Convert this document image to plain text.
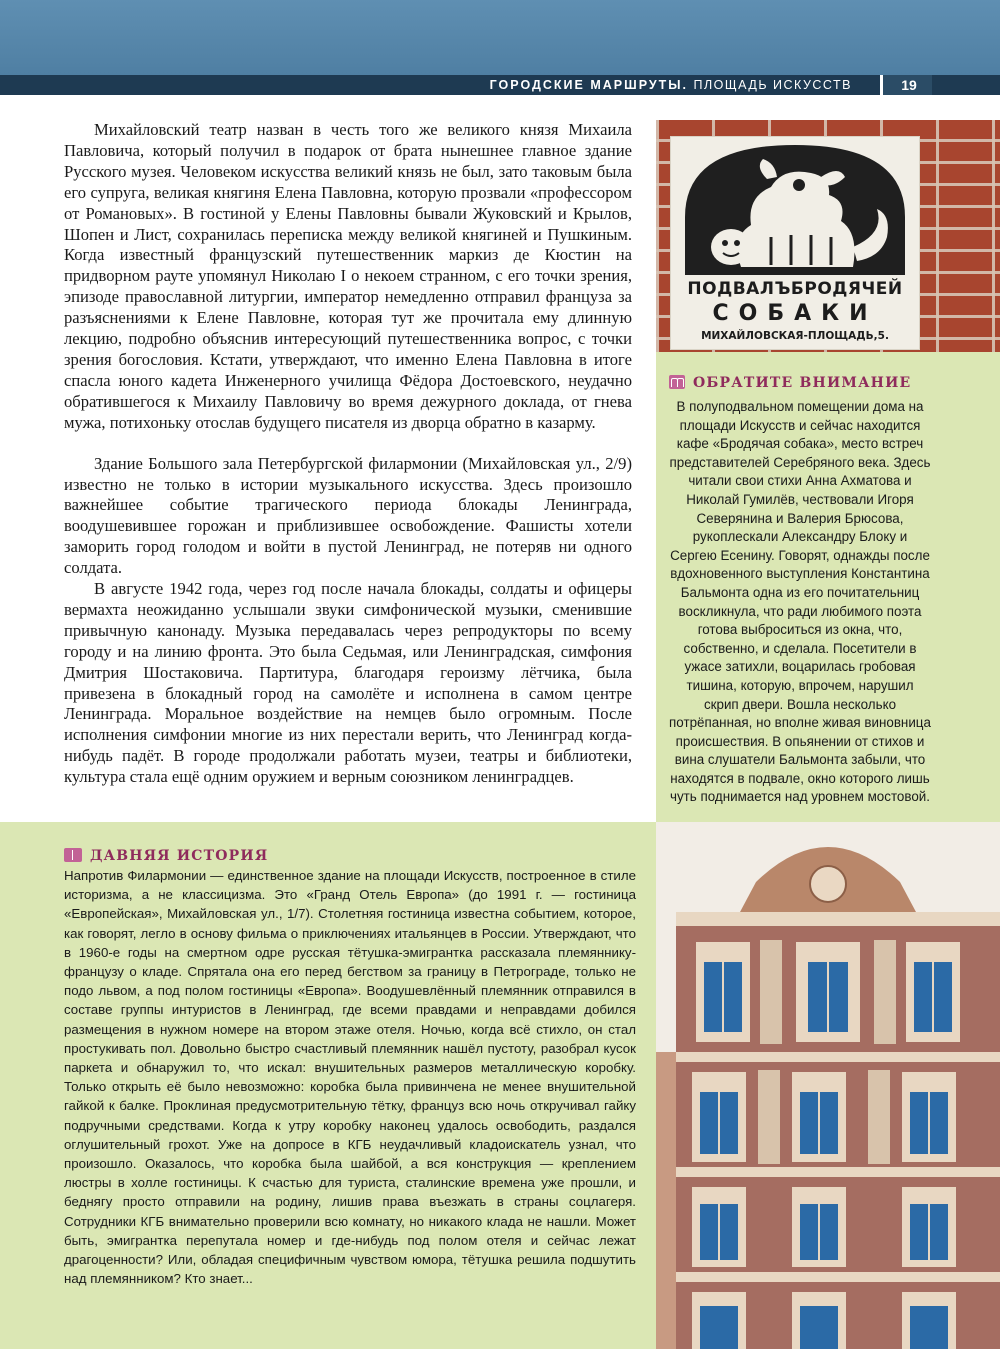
ГОРОДСКИЕ МАРШРУТЫ. ПЛОЩАДЬ ИСКУССТВ	19

Михайловский театр назван в честь того же великого князя Михаила Павловича, который получил в подарок от брата нынешнее главное здание Русского музея. Человеком искусства великий князь не был, зато таковым была его супруга, великая княгиня Елена Павловна, которую прозвали «профессором от Романовых». В гостиной у Елены Павловны бывали Жуковский и Крылов, Шопен и Лист, сохранилась переписка между великой княгиней и Пушкиным. Когда известный французский путешественник маркиз де Кюстин на придворном рауте упомянул Николаю I о некоем странном, с его точки зрения, эпизоде православной литургии, император немедленно отправил француза за разъяснениями к Елене Павловне, которая тут же прочитала ему длинную лекцию, подробно объяснив интересующий путешественника вопрос, с точки зрения богословия. Кстати, утверждают, что именно Елена Павловна в итоге спасла юного кадета Инженерного училища Фёдора Достоевского, неудачно обратившегося к Михаилу Павловичу во время дежурного доклада, от гнева мужа, потихоньку отослав будущего писателя из дворца обратно в казарму.

Здание Большого зала Петербургской филармонии (Михайловская ул., 2/9) известно не только в истории музыкального искусства. Здесь произошло важнейшее событие трагического периода блокады Ленинграда, воодушевившее горожан и приблизившее освобождение. Фашисты хотели заморить город голодом и войти в пустой Ленинград, не потеряв ни одного солдата.

В августе 1942 года, через год после начала блокады, солдаты и офицеры вермахта неожиданно услышали звуки симфонической музыки, сменившие привычную канонаду. Музыка передавалась через репродукторы по всему городу и на линию фронта. Это была Седьмая, или Ленинградская, симфония Дмитрия Шостаковича. Партитура, благодаря героизму лётчика, была привезена в блокадный город на самолёте и исполнена в самом центре Ленинграда. Моральное воздействие на немцев было огромным. После исполнения симфонии многие из них перестали верить, что Ленинград когда-нибудь падёт. В городе продолжали работать музеи, театры и библиотеки, культура стала ещё одним оружием и верным союзником ленинградцев.

ПОДВАЛЪБРОДЯЧЕЙ
СОБАКИ
МИХАЙЛОВСКАЯ-ПЛОЩАДЬ,5.
ОБРАТИТЕ ВНИМАНИЕ
В полуподвальном помещении дома на площади Искусств и сейчас находится кафе «Бродячая собака», место встреч представителей Серебряного века. Здесь читали свои стихи Анна Ахматова и Николай Гумилёв, чествовали Игоря Северянина и Валерия Брюсова, рукоплескали Александру Блоку и Сергею Есенину. Говорят, однажды после вдохновенного выступления Константина Бальмонта одна из его почитательниц воскликнула, что ради любимого поэта готова выброситься из окна, что, собственно, и сделала. Посетители в ужасе затихли, воцарилась гробовая тишина, которую, впрочем, нарушил скрип двери. Вошла несколько потрёпанная, но вполне живая виновница происшествия. В опьянении от стихов и вина слушатели Бальмонта забыли, что находятся в подвале, окно которого лишь чуть поднимается над уровнем мостовой.
ДАВНЯЯ ИСТОРИЯ

Напротив Филармонии — единственное здание на площади Искусств, построенное в стиле историзма, а не классицизма. Это «Гранд Отель Европа» (до 1991 г. — гостиница «Европейская», Михайловская ул., 1/7). Столетняя гостиница известна событием, которое, как говорят, легло в основу фильма о приключениях итальянцев в России. Утверждают, что в 1960-е годы на смертном одре русская тётушка-эмигрантка рассказала племяннику-французу о кладе. Спрятала она его перед бегством за границу в Петрограде, только не подо львом, а под полом гостиницы «Европа». Воодушевлённый племянник отправился в составе группы интуристов в Ленинград, где всеми правдами и неправдами добился размещения в нужном номере на втором этаже отеля. Ночью, когда всё стихло, он стал простукивать пол. Довольно быстро счастливый племянник нашёл пустоту, разобрал кусок паркета и обнаружил то, что искал: внушительных размеров металлическую коробку. Только открыть её было невозможно: коробка была привинчена не менее внушительной гайкой к балке. Проклиная предусмотрительную тётку, француз всю ночь откручивал гайку подручными средствами. Когда к утру коробку наконец удалось освободить, раздался оглушительный грохот. Уже на допросе в КГБ неудачливый кладоискатель узнал, что произошло. Оказалось, что коробка была шайбой, а вся конструкция — креплением люстры в холле гостиницы. К счастью для туриста, сталинские времена уже прошли, и беднягу просто отправили на родину, лишив права въезжать в страны соцлагеря. Сотрудники КГБ внимательно проверили всю комнату, но никакого клада не нашли. Может быть, эмигрантка перепутала номер и где-нибудь под полом отеля и сейчас лежат драгоценности? Или, обладая специфичным чувством юмора, тётушка решила подшутить над племянником? Кто знает...
